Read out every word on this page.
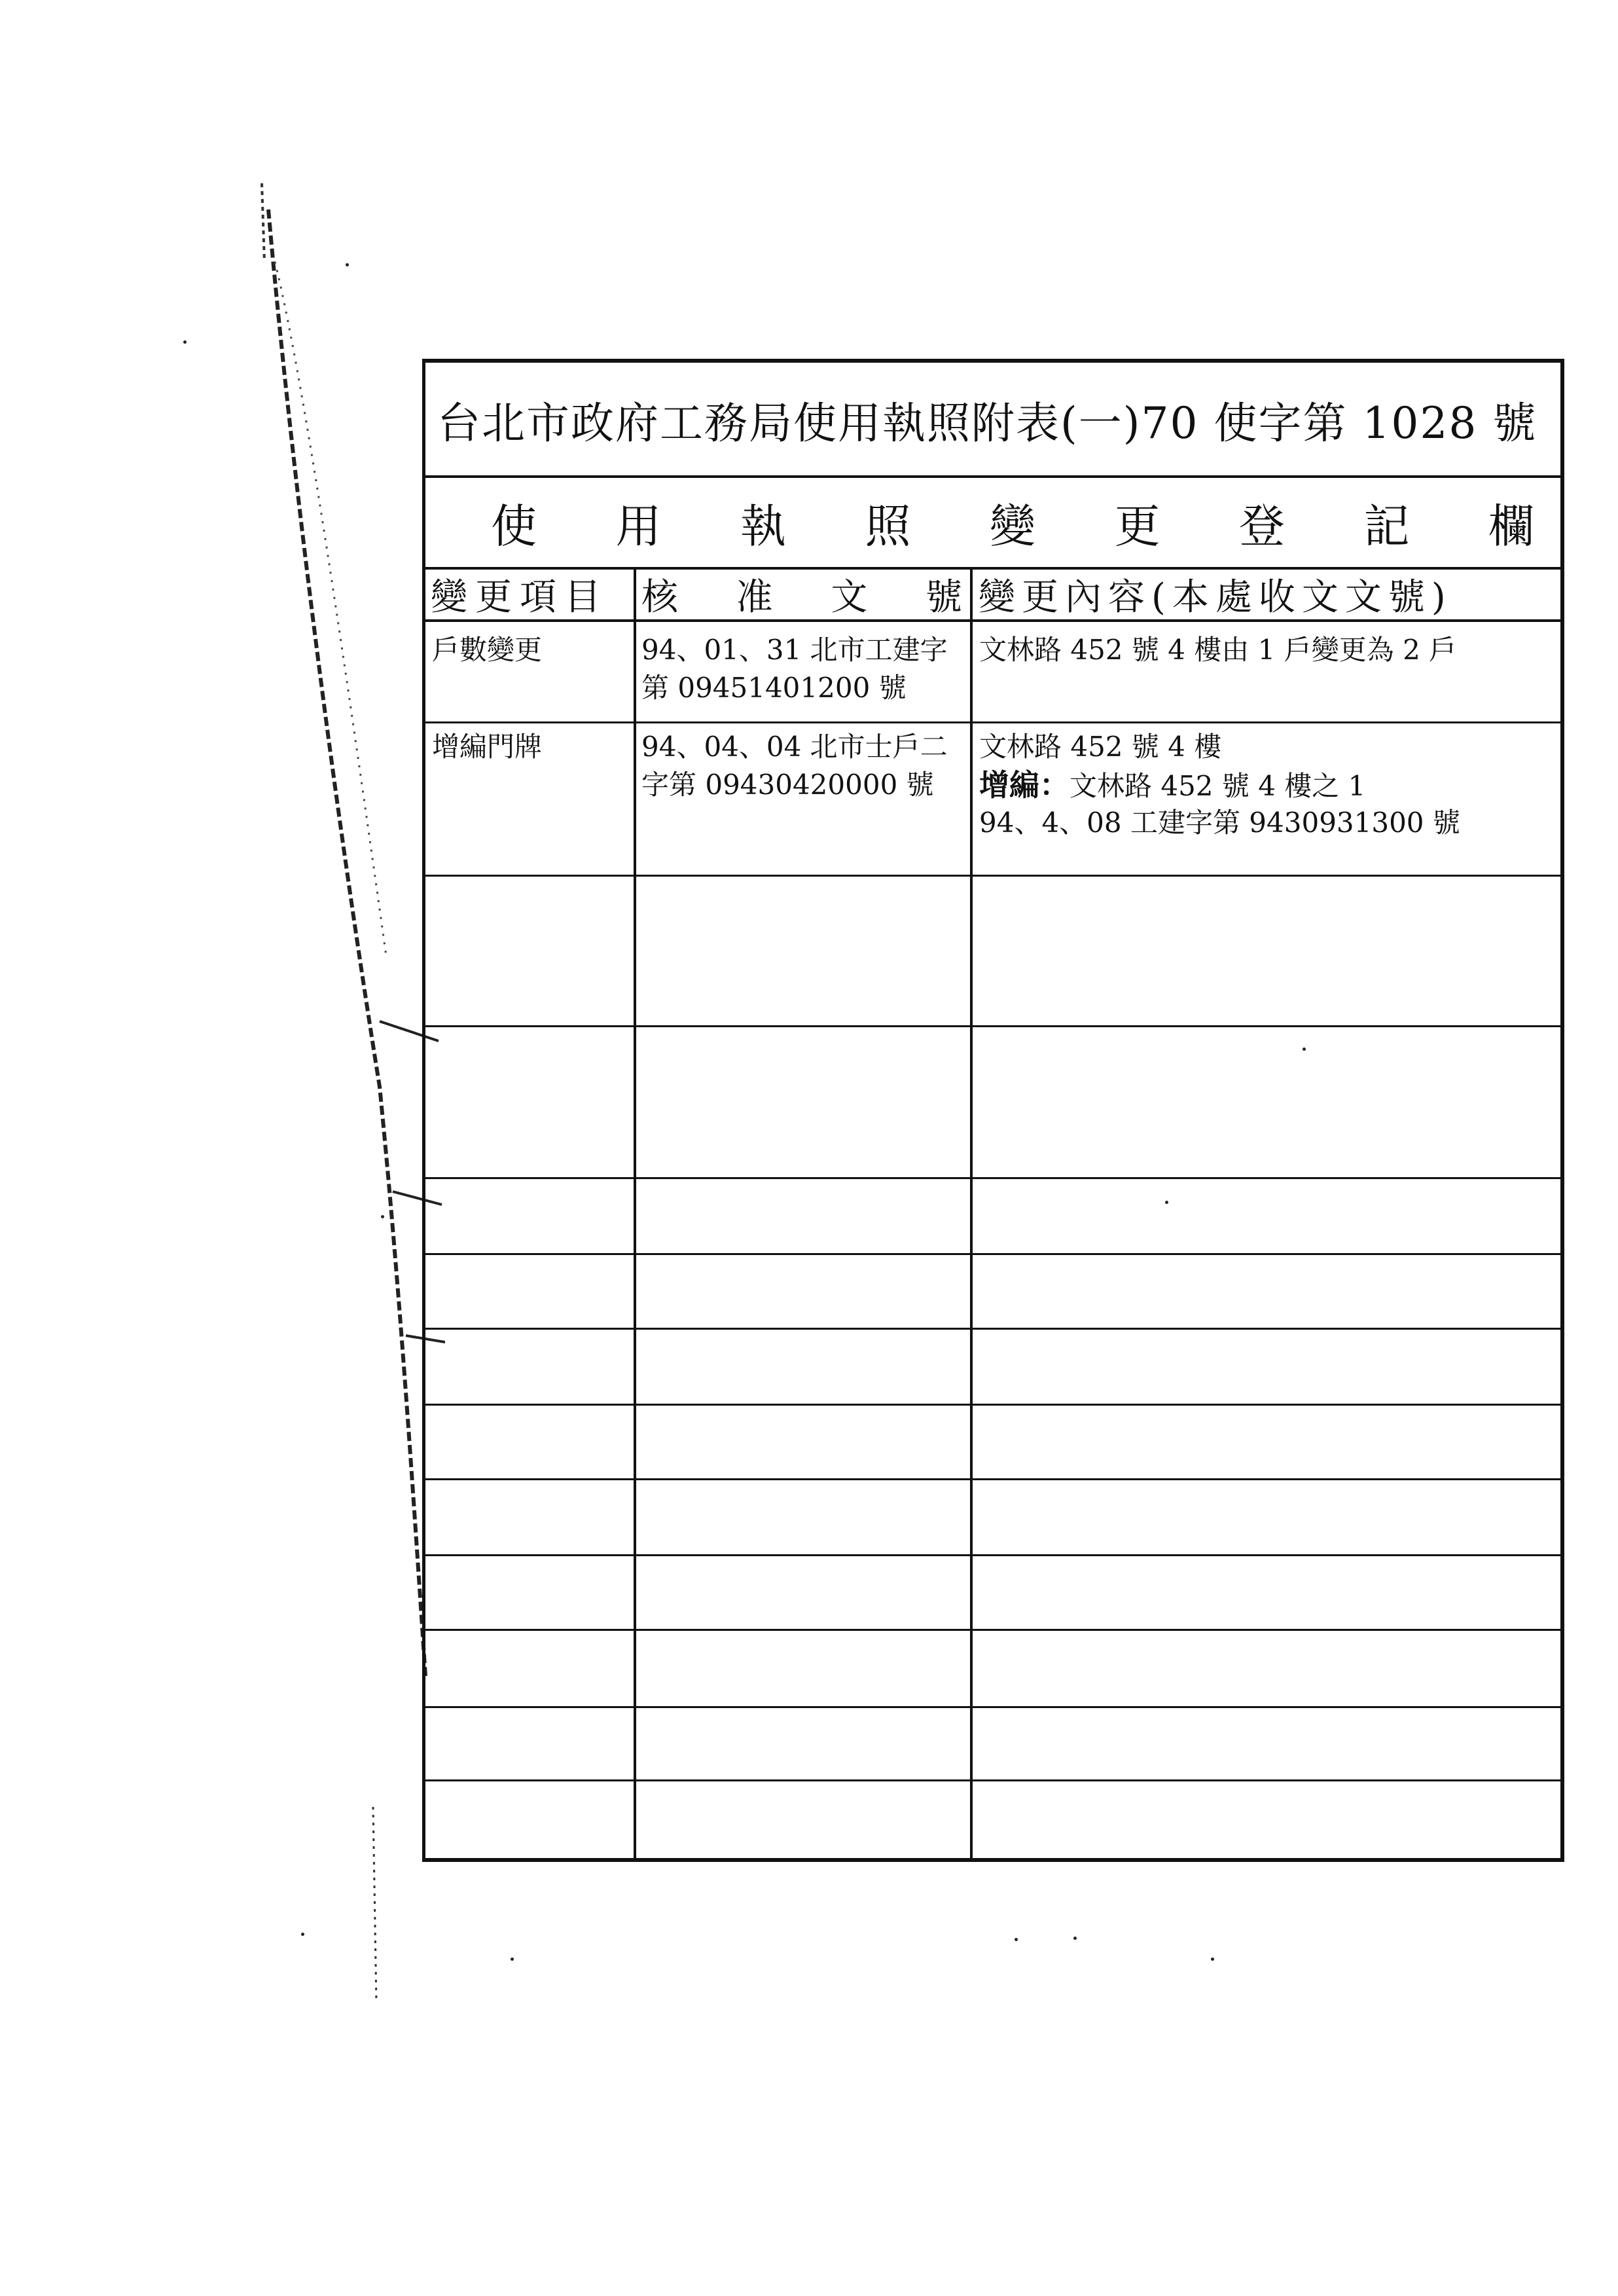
台北市政府工務局使用執照附表(一)70 使字第 1028 號
使 用 執 照 變 更 登 記 欄
變更項目 核 准 文 號 變更內容(本處收文文號)
戶數變更	94、01、31 北市工建字
第 09451401200 號
文林路 452 號 4 樓由 1 戶變更為 2 戶
增編門牌	94、04、04 北市士戶二
字第 09430420000 號
文林路 452 號 4 樓
增編：文林路 452 號 4 樓之 1
94、4、08 工建字第 9430931300 號
